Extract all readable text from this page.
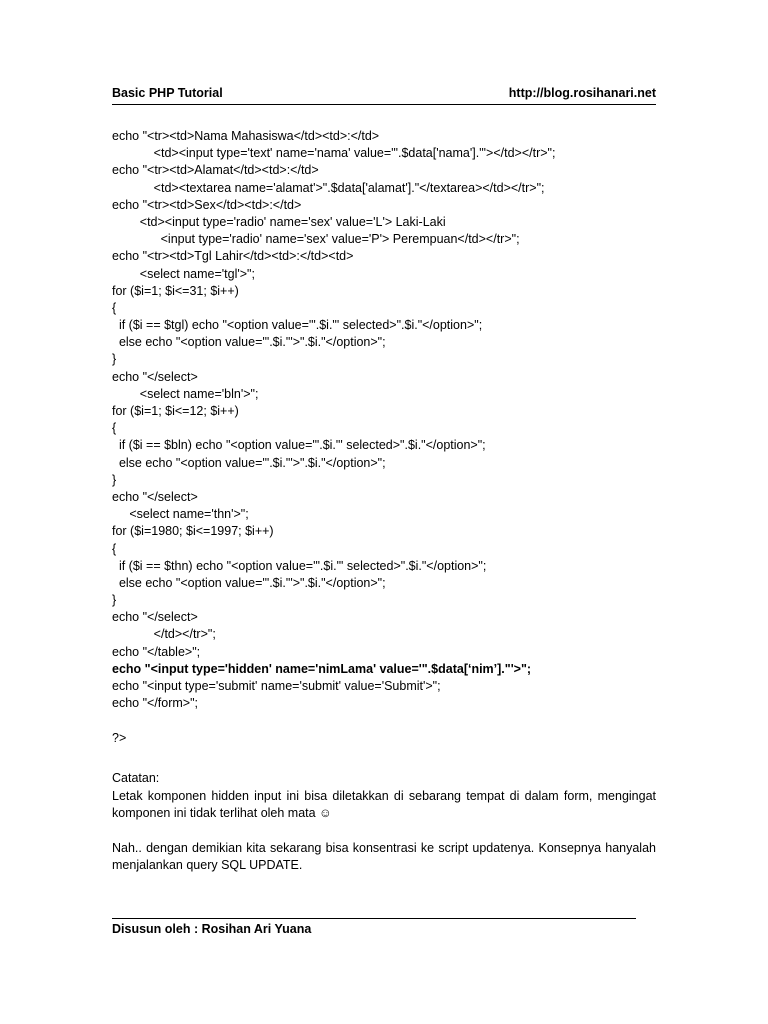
Basic PHP Tutorial	http://blog.rosihanari.net
echo "<tr><td>Nama Mahasiswa</td><td>:</td>
<td><input type='text' name='nama' value='".$data['nama']."'></td></tr>";
echo "<tr><td>Alamat</td><td>:</td>
<td><textarea name='alamat'>".$data['alamat']."</textarea></td></tr>";
echo "<tr><td>Sex</td><td>:</td>
<td><input type='radio' name='sex' value='L'> Laki-Laki
<input type='radio' name='sex' value='P'> Perempuan</td></tr>";
echo "<tr><td>Tgl Lahir</td><td>:</td><td>
<select name='tgl'>";
for ($i=1; $i<=31; $i++)
{
if ($i == $tgl) echo "<option value='".$i."' selected>".$i."</option>";
else echo "<option value='".$i."'>".$i."</option>";
}
echo "</select>
<select name='bln'>";
for ($i=1; $i<=12; $i++)
{
if ($i == $bln) echo "<option value='".$i."' selected>".$i."</option>";
else echo "<option value='".$i."'>".$i."</option>";
}
echo "</select>
<select name='thn'>";
for ($i=1980; $i<=1997; $i++)
{
if ($i == $thn) echo "<option value='".$i."' selected>".$i."</option>";
else echo "<option value='".$i."'>".$i."</option>";
}
echo "</select>
</td></tr>";
echo "</table>";
echo "<input type='hidden' name='nimLama' value='".$data[‘nim’]."'>";
echo "<input type='submit' name='submit' value='Submit'>";
echo "</form>";
?>

Catatan:

Letak komponen hidden input ini bisa diletakkan di sebarang tempat di dalam form, mengingat komponen ini tidak terlihat oleh mata ☺

Nah.. dengan demikian kita sekarang bisa konsentrasi ke script updatenya. Konsepnya hanyalah menjalankan query SQL UPDATE.

Disusun oleh : Rosihan Ari Yuana
